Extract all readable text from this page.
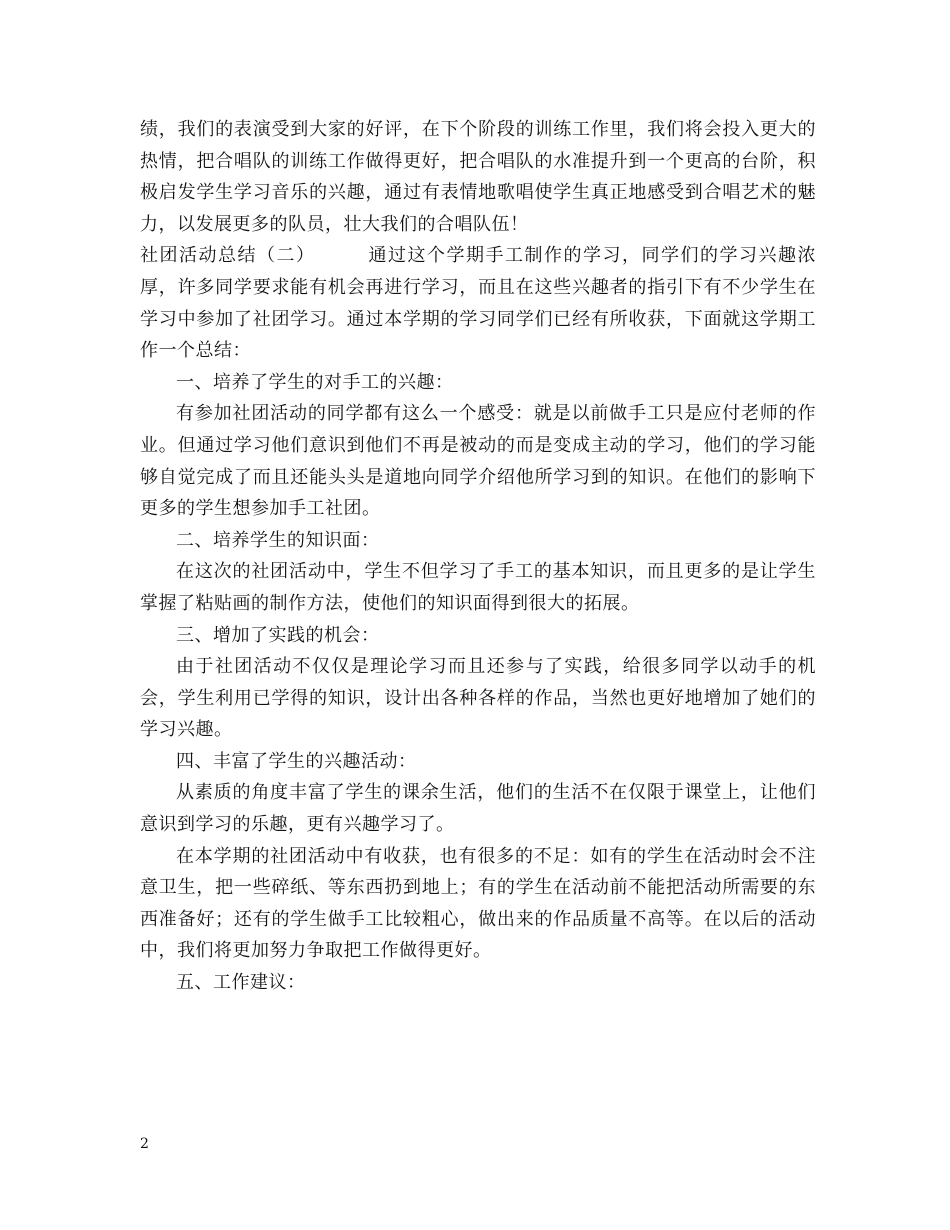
绩，我们的表演受到大家的好评，在下个阶段的训练工作里，我们将会投入更大的热情，把合唱队的训练工作做得更好，把合唱队的水准提升到一个更高的台阶，积极启发学生学习音乐的兴趣，通过有表情地歌唱使学生真正地感受到合唱艺术的魅力，以发展更多的队员，壮大我们的合唱队伍！

社团活动总结（二）	通过这个学期手工制作的学习，同学们的学习兴趣浓厚，许多同学要求能有机会再进行学习，而且在这些兴趣者的指引下有不少学生在学习中参加了社团学习。通过本学期的学习同学们已经有所收获，下面就这学期工作一个总结：

一、培养了学生的对手工的兴趣：

有参加社团活动的同学都有这么一个感受：就是以前做手工只是应付老师的作业。但通过学习他们意识到他们不再是被动的而是变成主动的学习，他们的学习能够自觉完成了而且还能头头是道地向同学介绍他所学习到的知识。在他们的影响下更多的学生想参加手工社团。

二、培养学生的知识面：

在这次的社团活动中，学生不但学习了手工的基本知识，而且更多的是让学生掌握了粘贴画的制作方法，使他们的知识面得到很大的拓展。

三、增加了实践的机会：

由于社团活动不仅仅是理论学习而且还参与了实践，给很多同学以动手的机会，学生利用已学得的知识，设计出各种各样的作品，当然也更好地增加了她们的学习兴趣。

四、丰富了学生的兴趣活动：

从素质的角度丰富了学生的课余生活，他们的生活不在仅限于课堂上，让他们意识到学习的乐趣，更有兴趣学习了。

在本学期的社团活动中有收获，也有很多的不足：如有的学生在活动时会不注意卫生，把一些碎纸、等东西扔到地上；有的学生在活动前不能把活动所需要的东西准备好；还有的学生做手工比较粗心，做出来的作品质量不高等。在以后的活动中，我们将更加努力争取把工作做得更好。

五、工作建议：

2
